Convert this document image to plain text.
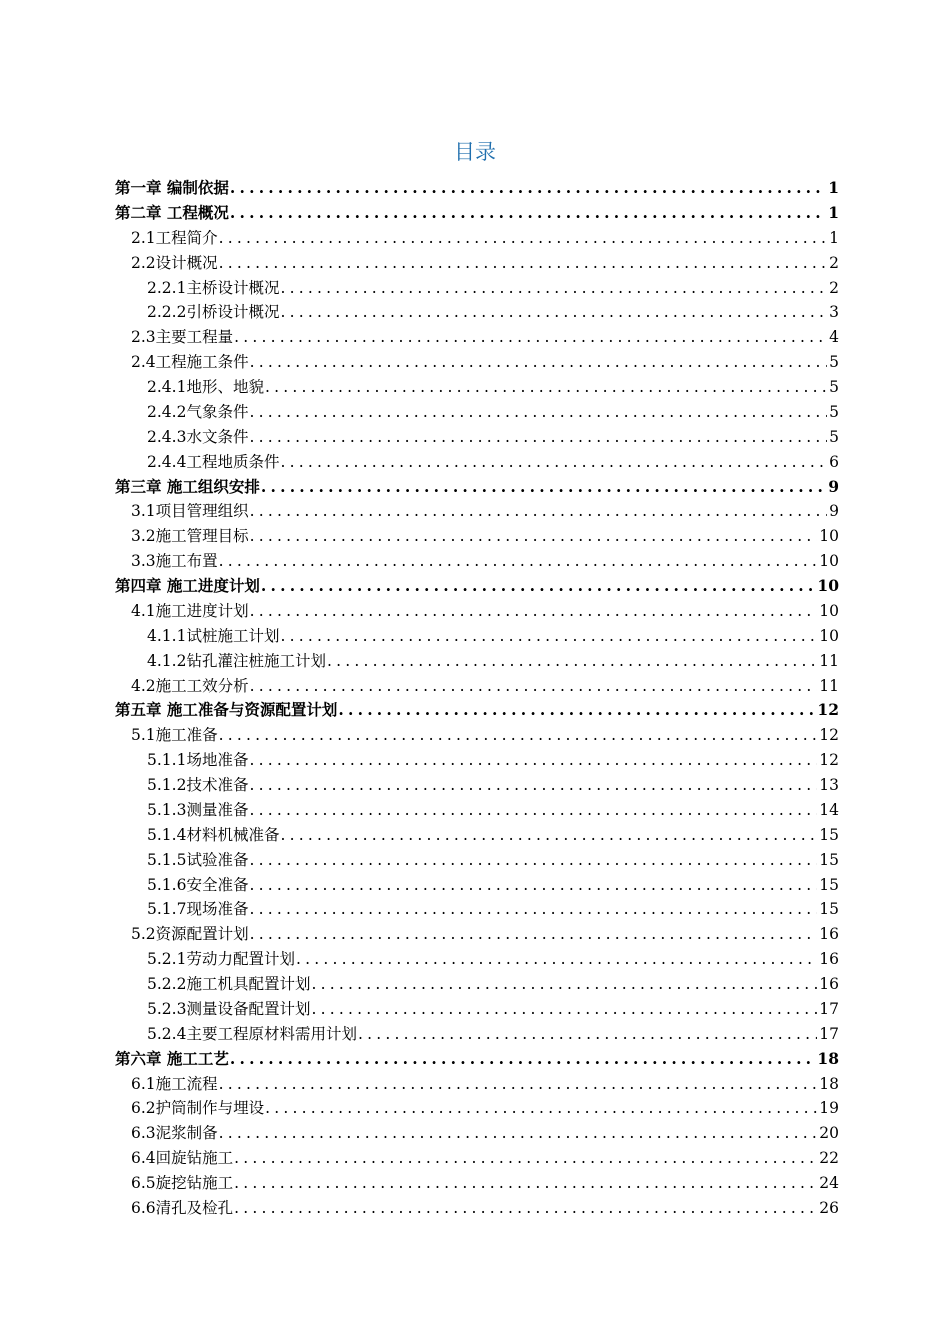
目录
第一章 编制依据 .....	1
第二章 工程概况 .....	1
2.1工程简介 .....	1
2.2设计概况 .....	2
2.2.1主桥设计概况 .....	2
2.2.2引桥设计概况 .....	3
2.3主要工程量 .....	4
2.4工程施工条件 .....	5
2.4.1地形、地貌 .....	5
2.4.2气象条件 .....	5
2.4.3水文条件 .....	5
2.4.4工程地质条件 .....	6
第三章 施工组织安排 .....	9
3.1项目管理组织 .....	9
3.2施工管理目标 .....	10
3.3施工布置 .....	10
第四章 施工进度计划 .....	10
4.1施工进度计划 .....	10
4.1.1试桩施工计划 .....	10
4.1.2钻孔灌注桩施工计划 .....	11
4.2施工工效分析 .....	11
第五章 施工准备与资源配置计划 .....	12
5.1施工准备 .....	12
5.1.1场地准备 .....	12
5.1.2技术准备 .....	13
5.1.3测量准备 .....	14
5.1.4材料机械准备 .....	15
5.1.5试验准备 .....	15
5.1.6安全准备 .....	15
5.1.7现场准备 .....	15
5.2资源配置计划 .....	16
5.2.1劳动力配置计划 .....	16
5.2.2施工机具配置计划 .....	16
5.2.3测量设备配置计划 .....	17
5.2.4主要工程原材料需用计划 .....	17
第六章 施工工艺 .....	18
6.1施工流程 .....	18
6.2护筒制作与埋设 .....	19
6.3泥浆制备 .....	20
6.4回旋钻施工 .....	22
6.5旋挖钻施工 .....	24
6.6清孔及检孔 .....	26
